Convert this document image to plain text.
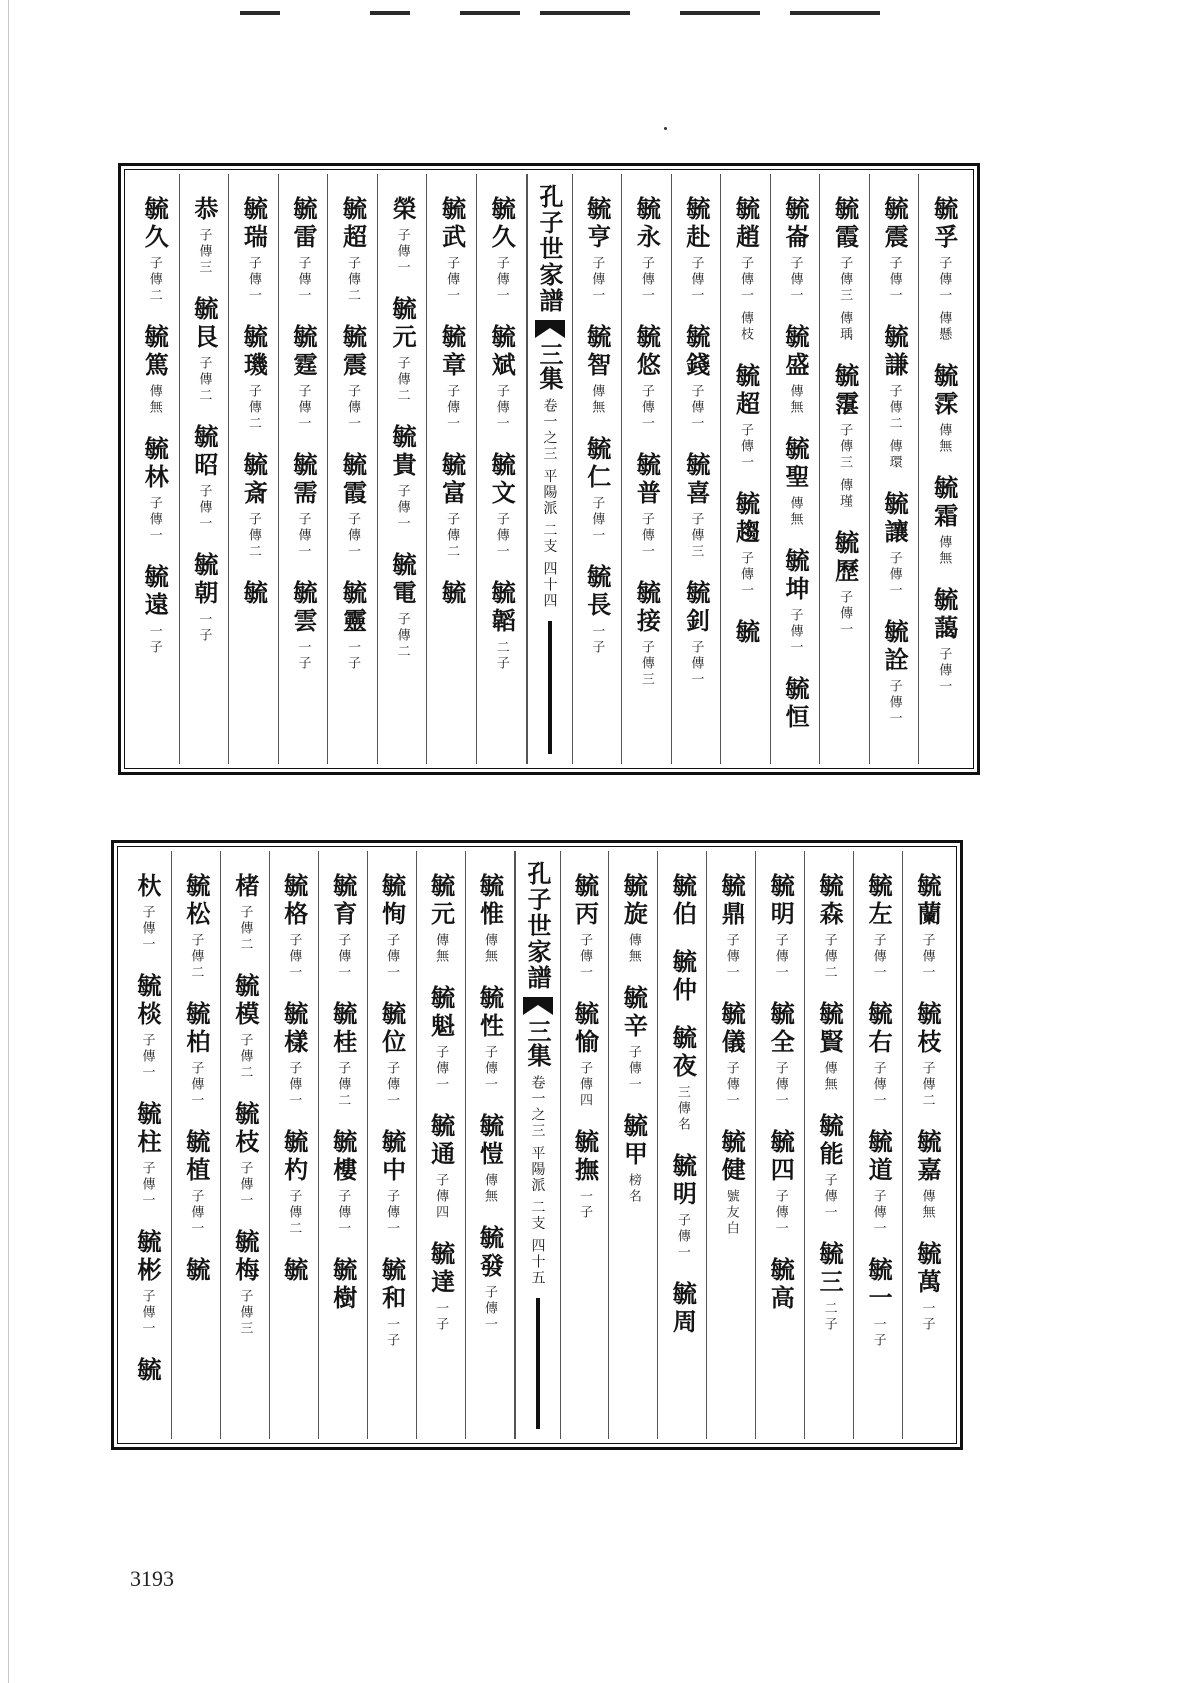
毓孚
子傳一 傳懸
毓霂
傳無
毓霜
傳無
毓藹
子傳一
毓震
子傳一
毓謙
子傳二 傳環
毓讓
子傳一
毓詮
子傳一
毓霞
子傳三 傳瑀
毓霮
子傳三 傳瑾
毓歷
子傳一
毓崙
子傳一
毓盛
傳無
毓聖
傳無
毓坤
子傳一
毓恒
毓趙
子傳一 傳枝
毓超
子傳一
毓趨
子傳一
毓
毓赴
子傳一
毓錢
子傳一
毓喜
子傳三
毓釗
子傳一
毓永
子傳一
毓悠
子傳一
毓普
子傳一
毓接
子傳三
毓亨
子傳一
毓智
傳無
毓仁
子傳一
毓長
一子
孔子世家譜
三集
卷一之三 平陽派 二支 四十四
毓久
子傳一
毓斌
子傳一
毓文
子傳一
毓韜
二子
毓武
子傳一
毓章
子傳一
毓富
子傳二
毓
榮
子傳一
毓元
子傳二
毓貴
子傳一
毓電
子傳二
毓超
子傳二
毓震
子傳一
毓霞
子傳一
毓靈
一子
毓雷
子傳一
毓霆
子傳一
毓需
子傳一
毓雲
一子
毓瑞
子傳一
毓璣
子傳二
毓斎
子傳二
毓
恭
子傳三
毓艮
子傳二
毓昭
子傳一
毓朝
一子
毓久
子傳二
毓篤
傳無
毓林
子傳一
毓遠
一子
毓蘭
子傳一
毓枝
子傳二
毓嘉
傳無
毓萬
一子
毓左
子傳一
毓右
子傳一
毓道
子傳一
毓一
一子
毓森
子傳二
毓賢
傳無
毓能
子傳一
毓三
二子
毓明
子傳一
毓全
子傳一
毓四
子傳一
毓高
毓鼎
子傳一
毓儀
子傳一
毓健
號友白
毓伯
毓仲
毓夜
三傳名
毓明
子傳一
毓周
毓旋
傳無
毓辛
子傳一
毓甲
榜名
毓丙
子傳一
毓愉
子傳四
毓撫
一子
孔子世家譜
三集
卷一之三 平陽派 二支 四十五
毓惟
傳無
毓性
子傳一
毓愷
傳無
毓發
子傳一
毓元
傳無
毓魁
子傳一
毓通
子傳四
毓達
一子
毓恂
子傳一
毓位
子傳一
毓中
子傳一
毓和
一子
毓育
子傳一
毓桂
子傳二
毓樓
子傳一
毓樹
毓格
子傳一
毓樣
子傳一
毓杓
子傳二
毓
楮
子傳二
毓模
子傳二
毓枝
子傳一
毓梅
子傳三
毓松
子傳二
毓柏
子傳一
毓植
子傳一
毓
杕
子傳一
毓棪
子傳一
毓柱
子傳一
毓彬
子傳一
毓
3193
